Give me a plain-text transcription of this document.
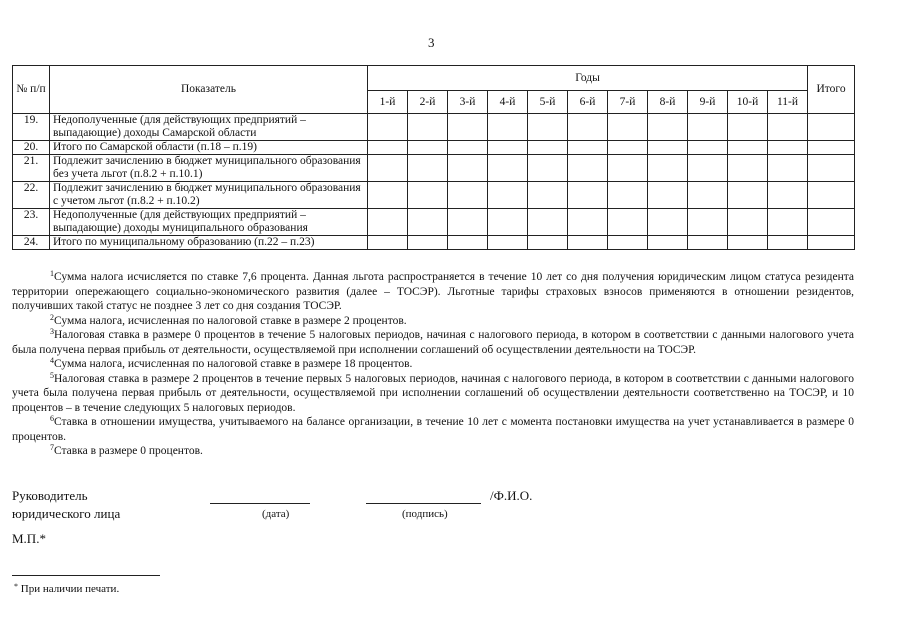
3
№ п/п	Показатель	Годы											Итого
		1-й	2-й	3-й	4-й	5-й	6-й	7-й	8-й	9-й	10-й	11-й	
19.	Недополученные (для действующих предприятий – выпадающие) доходы Самарской области												
20.	Итого по Самарской области (п.18 – п.19)												
21.	Подлежит зачислению в бюджет муниципального образования без учета льгот (п.8.2 + п.10.1)												
22.	Подлежит зачислению в бюджет муниципального образования с учетом льгот (п.8.2 + п.10.2)												
23.	Недополученные (для действующих предприятий – выпадающие) доходы муниципального образования												
24.	Итого по муниципальному образованию (п.22 – п.23)												

$^1$Сумма налога исчисляется по ставке 7,6 процента. Данная льгота распространяется в течение 10 лет со дня получения юридическим лицом статуса резидента территории опережающего социально-экономического развития (далее – ТОСЭР). Льготные тарифы страховых взносов применяются в отношении резидентов, получивших такой статус не позднее 3 лет со дня создания ТОСЭР.

$^2$Сумма налога, исчисленная по налоговой ставке в размере 2 процентов.

$^3$Налоговая ставка в размере 0 процентов в течение 5 налоговых периодов, начиная с налогового периода, в котором в соответствии с данными налогового учета была получена первая прибыль от деятельности, осуществляемой при исполнении соглашений об осуществлении деятельности на ТОСЭР.

$^4$Сумма налога, исчисленная по налоговой ставке в размере 18 процентов.

$^5$Налоговая ставка в размере 2 процентов в течение первых 5 налоговых периодов, начиная с налогового периода, в котором в соответствии с данными налогового учета была получена первая прибыль от деятельности, осуществляемой при исполнении соглашений об осуществлении деятельности соответственно на ТОСЭР, и 10 процентов – в течение следующих 5 налоговых периодов.

$^6$Ставка в отношении имущества, учитываемого на балансе организации, в течение 10 лет с момента постановки имущества на учет устанавливается в размере 0 процентов.

$^7$Ставка в размере 0 процентов.

Руководитель
юридического лица	(дата)	(подпись)
/Ф.И.О.
М.П.*
* При наличии печати.
